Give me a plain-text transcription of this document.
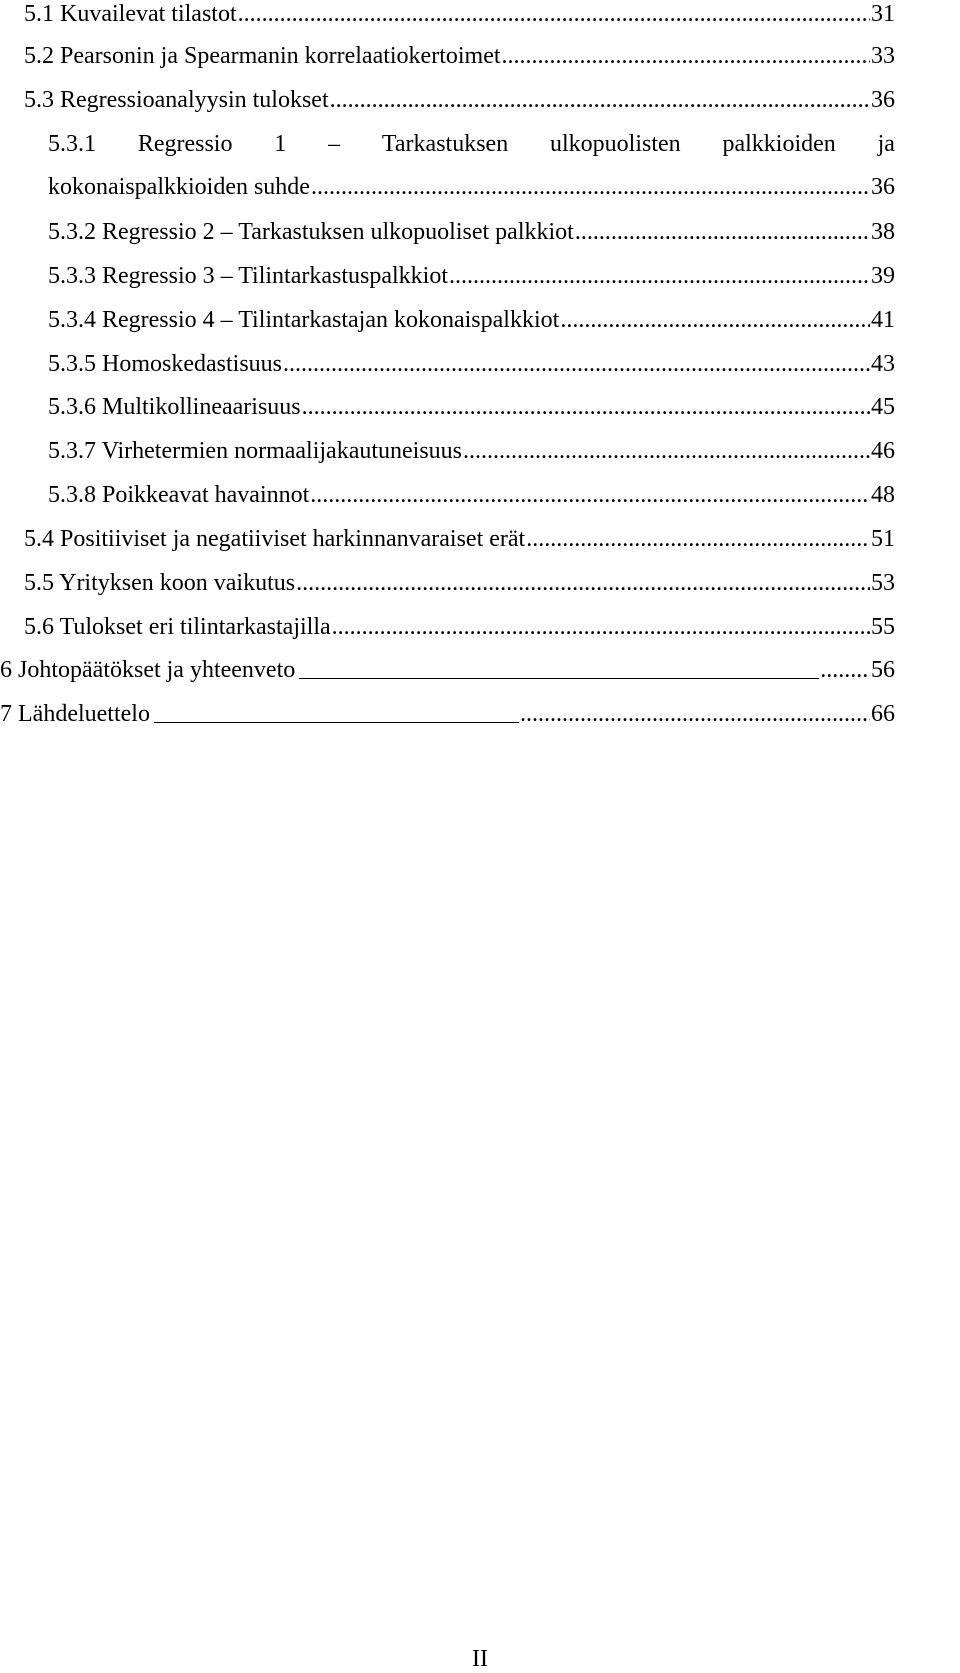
5.1 Kuvailevat tilastot .....	31
5.2 Pearsonin ja Spearmanin korrelaatiokertoimet .....	33
5.3 Regressioanalyysin tulokset .....	36
5.3.1 Regressio 1 – Tarkastuksen ulkopuolisten palkkioiden ja
kokonaispalkkioiden suhde .....	36
5.3.2 Regressio 2 – Tarkastuksen ulkopuoliset palkkiot .....	38
5.3.3 Regressio 3 – Tilintarkastuspalkkiot .....	39
5.3.4 Regressio 4 – Tilintarkastajan kokonaispalkkiot .....	41
5.3.5 Homoskedastisuus .....	43
5.3.6 Multikollineaarisuus .....	45
5.3.7 Virhetermien normaalijakautuneisuus .....	46
5.3.8 Poikkeavat havainnot .....	48
5.4 Positiiviset ja negatiiviset harkinnanvaraiset erät .....	51
5.5 Yrityksen koon vaikutus .....	53
5.6 Tulokset eri tilintarkastajilla .....	55
6 Johtopäätökset ja yhteenveto .....	56
7 Lähdeluettelo .....	66
II
